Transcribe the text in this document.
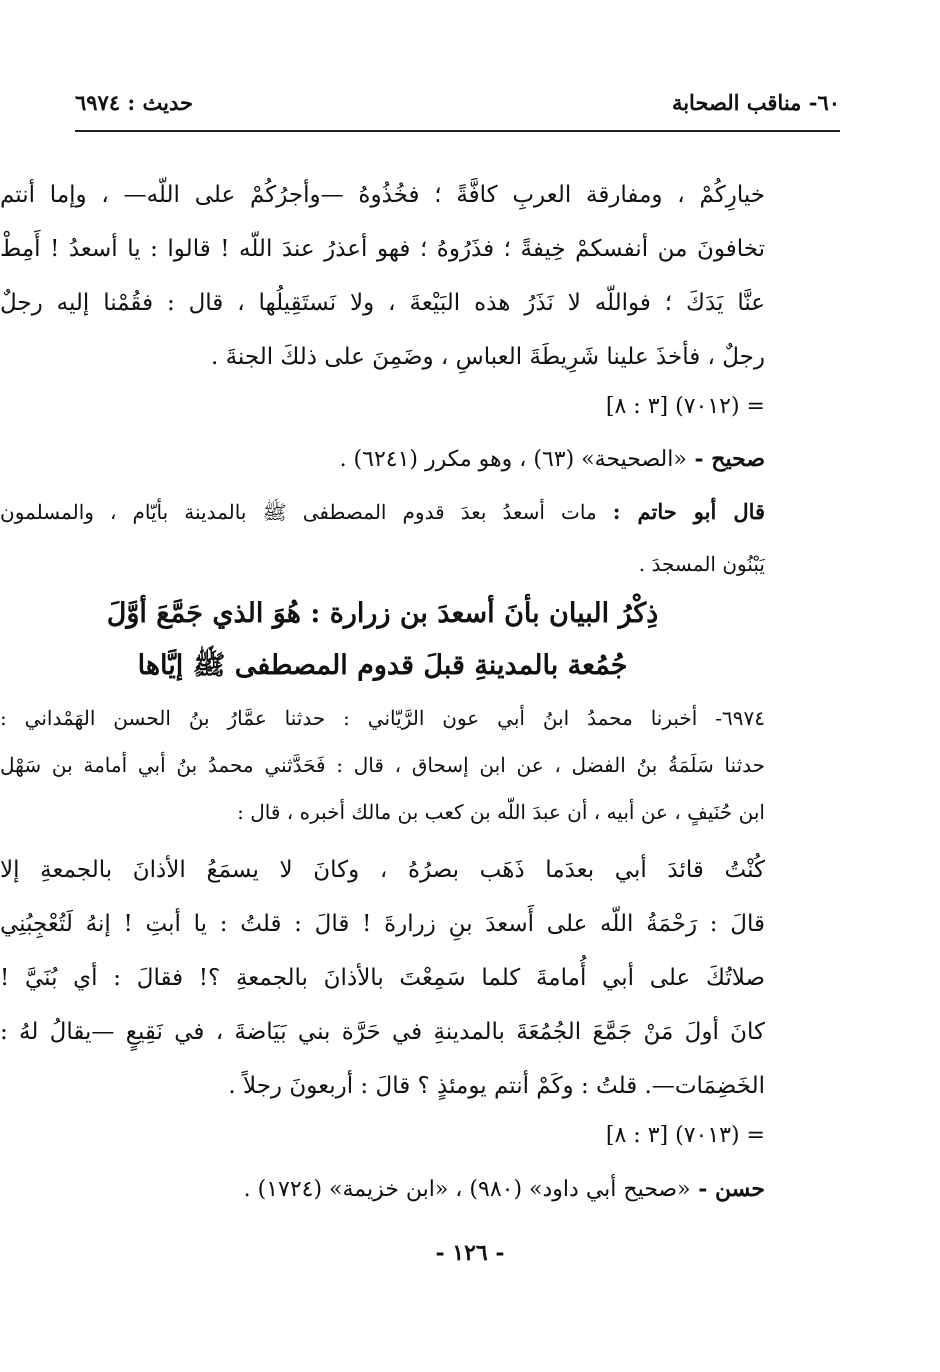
٦٠- مناقب الصحابة
حديث : ٦٩٧٤

خيارِكُمْ ، ومفارقة العربِ كافَّةً ؛ فخُذُوهُ —وأجرُكُمْ على اللّه— ، وإما أنتم

تخافونَ من أنفسكمْ خِيفةً ؛ فذَرُوهُ ؛ فهو أعذرُ عندَ اللّه ! قالوا : يا أسعدُ ! أَمِطْ

عنَّا يَدَكَ ؛ فواللّه لا نَذَرُ هذه البَيْعةَ ، ولا نَستَقِيلُها ، قال : فقُمْنا إليه رجلٌ

رجلٌ ، فأخذَ علينا شَرِيطَةَ العباسِ ، وضَمِنَ على ذلكَ الجنةَ .

= (٧٠١٢) [٣ : ٨]
صحيح - «الصحيحة» (٦٣) ، وهو مكرر (٦٢٤١) .

قال أبو حاتم : مات أسعدُ بعدَ قدوم المصطفى ﷺ بالمدينة بأيّام ، والمسلمون

يَبْنُون المسجدَ .

ذِكْرُ البيان بأنَ أسعدَ بن زرارة : هُوَ الذي جَمَّعَ أوَّلَ
جُمُعة بالمدينةِ قبلَ قدوم المصطفى ﷺ إيَّاها

٦٩٧٤- أخبرنا محمدُ ابنُ أبي عون الرَّيّاني : حدثنا عمَّارُ بنُ الحسن الهَمْداني :

حدثنا سَلَمَةُ بنُ الفضل ، عن ابن إسحاق ، قال : فَحَدَّثني محمدُ بنُ أبي أمامة بن سَهْل

ابن حُنَيفٍ ، عن أبيه ، أن عبدَ اللّه بن كعب بن مالك أخبره ، قال :

كُنْتُ قائدَ أبي بعدَما ذَهَب بصرُهُ ، وكانَ لا يسمَعُ الأذانَ بالجمعةِ إلا

قالَ : رَحْمَةُ اللّه على أَسعدَ بنِ زرارةَ ! قالَ : قلتُ : يا أبتِ ! إنهُ لَتُعْجِبُنِي

صلاتُكَ على أبي أُمامةَ كلما سَمِعْتَ بالأذانَ بالجمعةِ ؟! فقالَ : أي بُنَيَّ !

كانَ أولَ مَنْ جَمَّعَ الجُمُعَةَ بالمدينةِ في حَرَّة بني بَيَاضةَ ، في نَقِيعٍ —يقالُ لهُ :

الخَضِمَات—. قلتُ : وكَمْ أنتم يومئذٍ ؟ قالَ : أربعونَ رجلاً .

= (٧٠١٣) [٣ : ٨]
حسن - «صحيح أبي داود» (٩٨٠) ، «ابن خزيمة» (١٧٢٤) .
- ١٢٦ -
